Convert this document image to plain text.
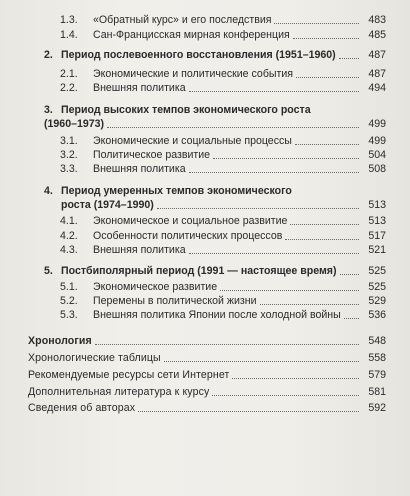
1.3.	«Обратный курс» и его последствия	483
1.4.	Сан-Францисская мирная конференция	485
2. Период послевоенного восстановления (1951–1960)	487
2.1.	Экономические и политические события	487
2.2.	Внешняя политика	494
3. Период высоких темпов экономического роста
(1960–1973)	499
3.1.	Экономические и социальные процессы	499
3.2.	Политическое развитие	504
3.3.	Внешняя политика	508
4. Период умеренных темпов экономического
роста (1974–1990)	513
4.1.	Экономическое и социальное развитие	513
4.2.	Особенности политических процессов	517
4.3.	Внешняя политика	521
5. Постбиполярный период (1991 — настоящее время)	525
5.1.	Экономическое развитие	525
5.2.	Перемены в политической жизни	529
5.3.	Внешняя политика Японии после холодной войны	536
Хронология	548
Хронологические таблицы	558
Рекомендуемые ресурсы сети Интернет	579
Дополнительная литература к курсу	581
Сведения об авторах	592
